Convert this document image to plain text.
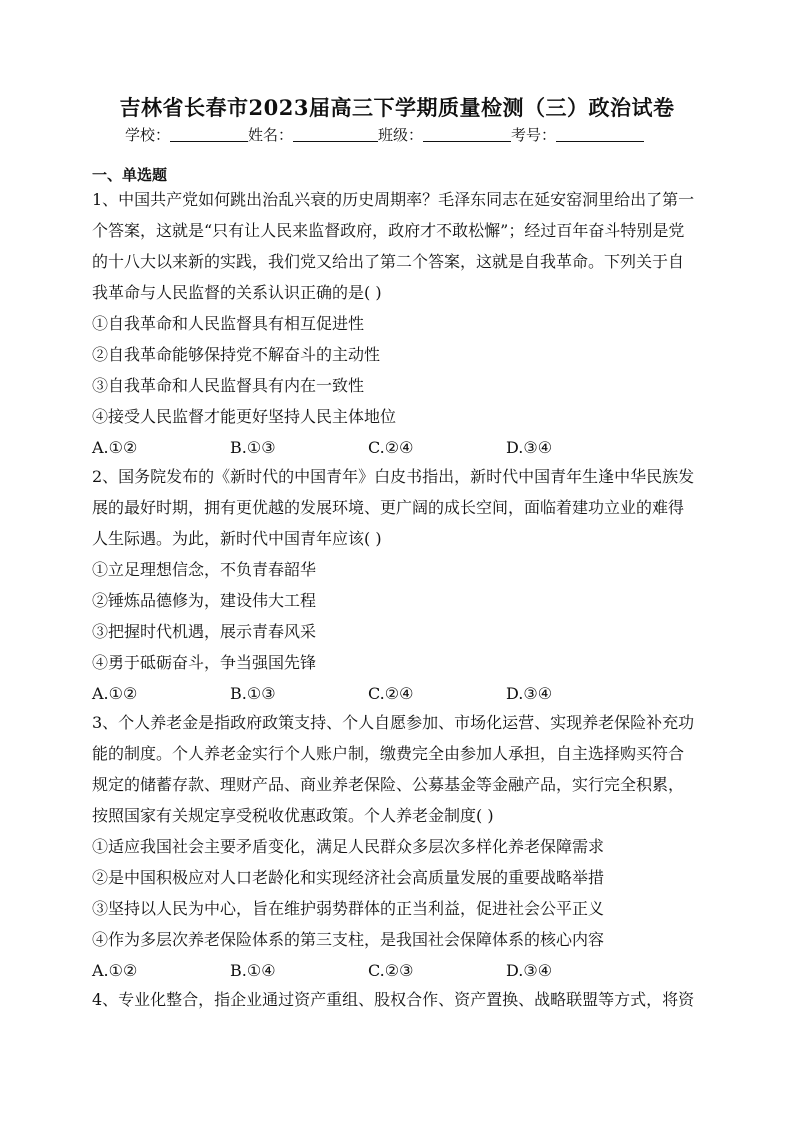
吉林省长春市2023届高三下学期质量检测（三）政治试卷
学校：	姓名：	班级：	考号：
一、单选题
1、中国共产党如何跳出治乱兴衰的历史周期率？毛泽东同志在延安窑洞里给出了第一
个答案，这就是“只有让人民来监督政府，政府才不敢松懈”；经过百年奋斗特别是党
的十八大以来新的实践，我们党又给出了第二个答案，这就是自我革命。下列关于自
我革命与人民监督的关系认识正确的是( )
①自我革命和人民监督具有相互促进性
②自我革命能够保持党不解奋斗的主动性
③自我革命和人民监督具有内在一致性
④接受人民监督才能更好坚持人民主体地位
A.①②	B.①③	C.②④	D.③④
2、国务院发布的《新时代的中国青年》白皮书指出，新时代中国青年生逢中华民族发
展的最好时期，拥有更优越的发展环境、更广阔的成长空间，面临着建功立业的难得
人生际遇。为此，新时代中国青年应该( )
①立足理想信念，不负青春韶华
②锤炼品德修为，建设伟大工程
③把握时代机遇，展示青春风采
④勇于砥砺奋斗，争当强国先锋
A.①②	B.①③	C.②④	D.③④
3、个人养老金是指政府政策支持、个人自愿参加、市场化运营、实现养老保险补充功
能的制度。个人养老金实行个人账户制，缴费完全由参加人承担，自主选择购买符合
规定的储蓄存款、理财产品、商业养老保险、公募基金等金融产品，实行完全积累，
按照国家有关规定享受税收优惠政策。个人养老金制度( )
①适应我国社会主要矛盾变化，满足人民群众多层次多样化养老保障需求
②是中国积极应对人口老龄化和实现经济社会高质量发展的重要战略举措
③坚持以人民为中心，旨在维护弱势群体的正当利益，促进社会公平正义
④作为多层次养老保险体系的第三支柱，是我国社会保障体系的核心内容
A.①②	B.①④	C.②③	D.③④
4、专业化整合，指企业通过资产重组、股权合作、资产置换、战略联盟等方式，将资
